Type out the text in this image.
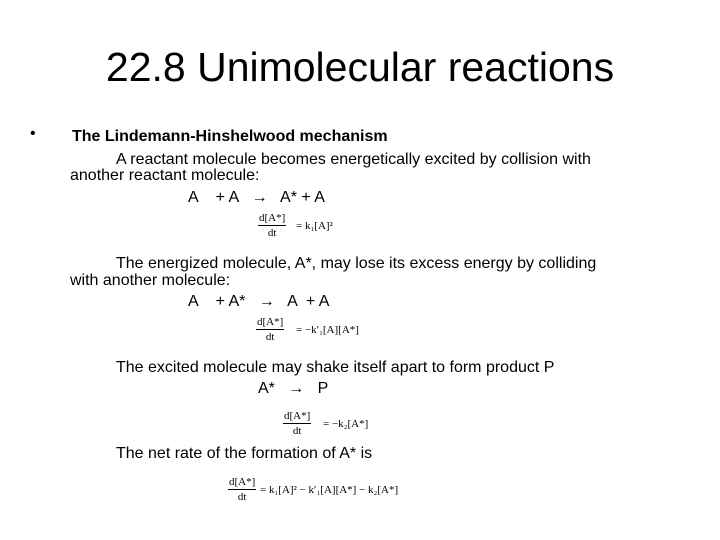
22.8 Unimolecular reactions
• The Lindemann-Hinshelwood mechanism
A reactant molecule becomes energetically excited by collision with
another reactant molecule:
A    + A   →   A* + A
$\frac{d[A*]}{dt} = k_1[A]^2$
The energized molecule, A*, may lose its excess energy by colliding
with another molecule:
A    + A*   →   A  + A
$\frac{d[A*]}{dt} = -k'_1[A][A*]$
The excited molecule may shake itself apart to form product P
A*   →   P
$\frac{d[A*]}{dt} = -k_2[A*]$
The net rate of the formation of A* is
$\frac{d[A*]}{dt} = k_1[A]^2 - k'_1[A][A*] - k_2[A*]$
